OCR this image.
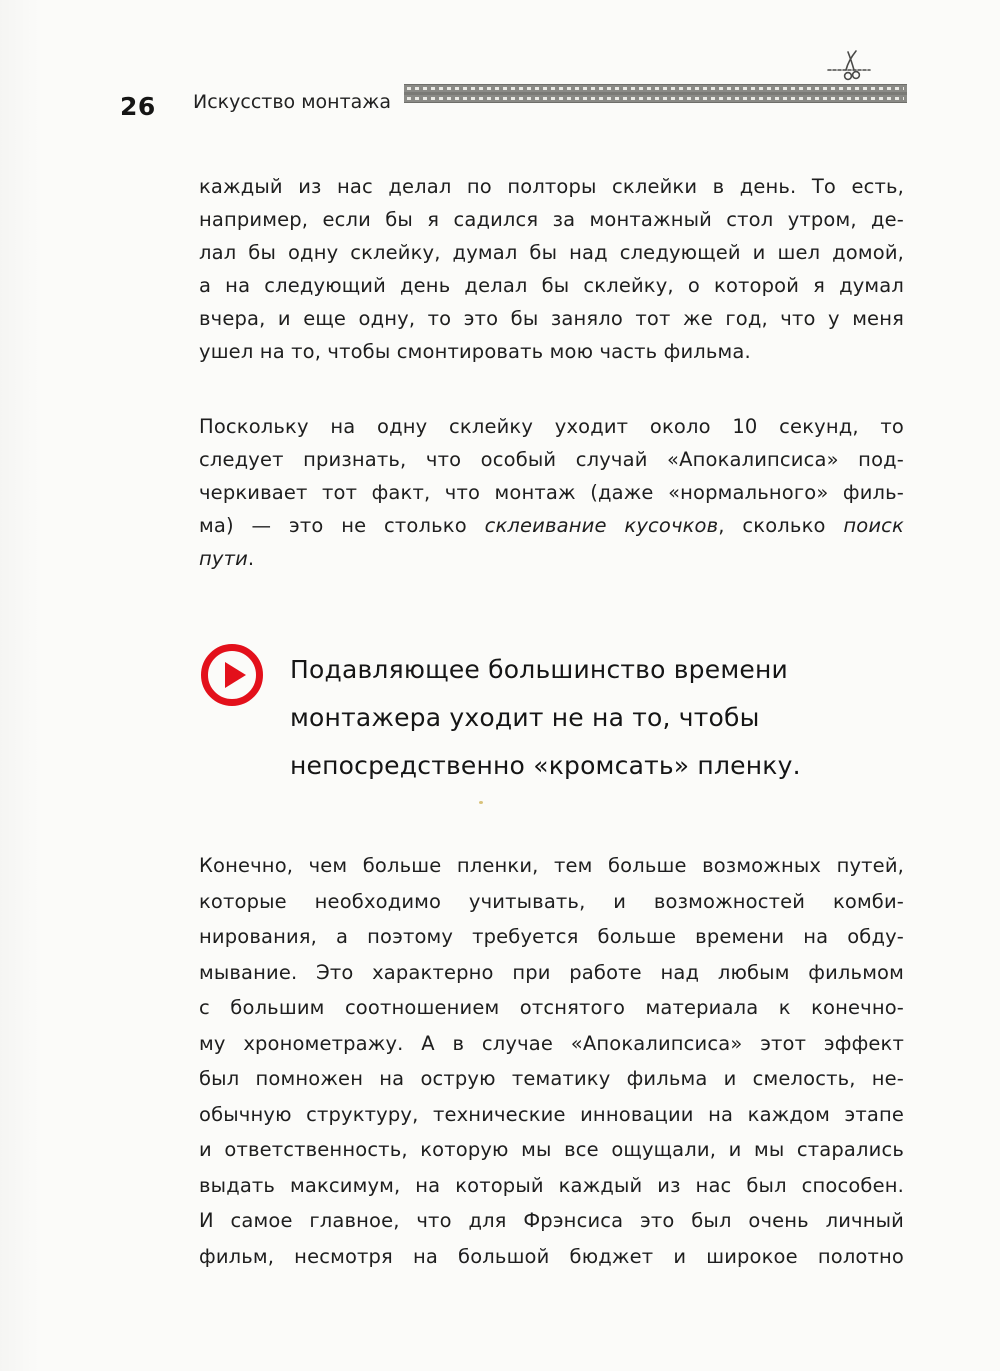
26 Искусство монтажа
каждый из нас делал по полторы склейки в день. То есть,
например, если бы я садился за монтажный стол утром, де-
лал бы одну склейку, думал бы над следующей и шел домой,
а на следующий день делал бы склейку, о которой я думал
вчера, и еще одну, то это бы заняло тот же год, что у меня
ушел на то, чтобы смонтировать мою часть фильма.
Поскольку на одну склейку уходит около 10 секунд, то
следует признать, что особый случай «Апокалипсиса» под-
черкивает тот факт, что монтаж (даже «нормального» филь-
ма) — это не столько склеивание кусочков, сколько поиск
пути.
Подавляющее большинство времени
монтажера уходит не на то, чтобы
непосредственно «кромсать» пленку.
Конечно, чем больше пленки, тем больше возможных путей,
которые необходимо учитывать, и возможностей комби-
нирования, а поэтому требуется больше времени на обду-
мывание. Это характерно при работе над любым фильмом
с большим соотношением отснятого материала к конечно-
му хронометражу. А в случае «Апокалипсиса» этот эффект
был помножен на острую тематику фильма и смелость, не-
обычную структуру, технические инновации на каждом этапе
и ответственность, которую мы все ощущали, и мы старались
выдать максимум, на который каждый из нас был способен.
И самое главное, что для Фрэнсиса это был очень личный
фильм, несмотря на большой бюджет и широкое полотно
